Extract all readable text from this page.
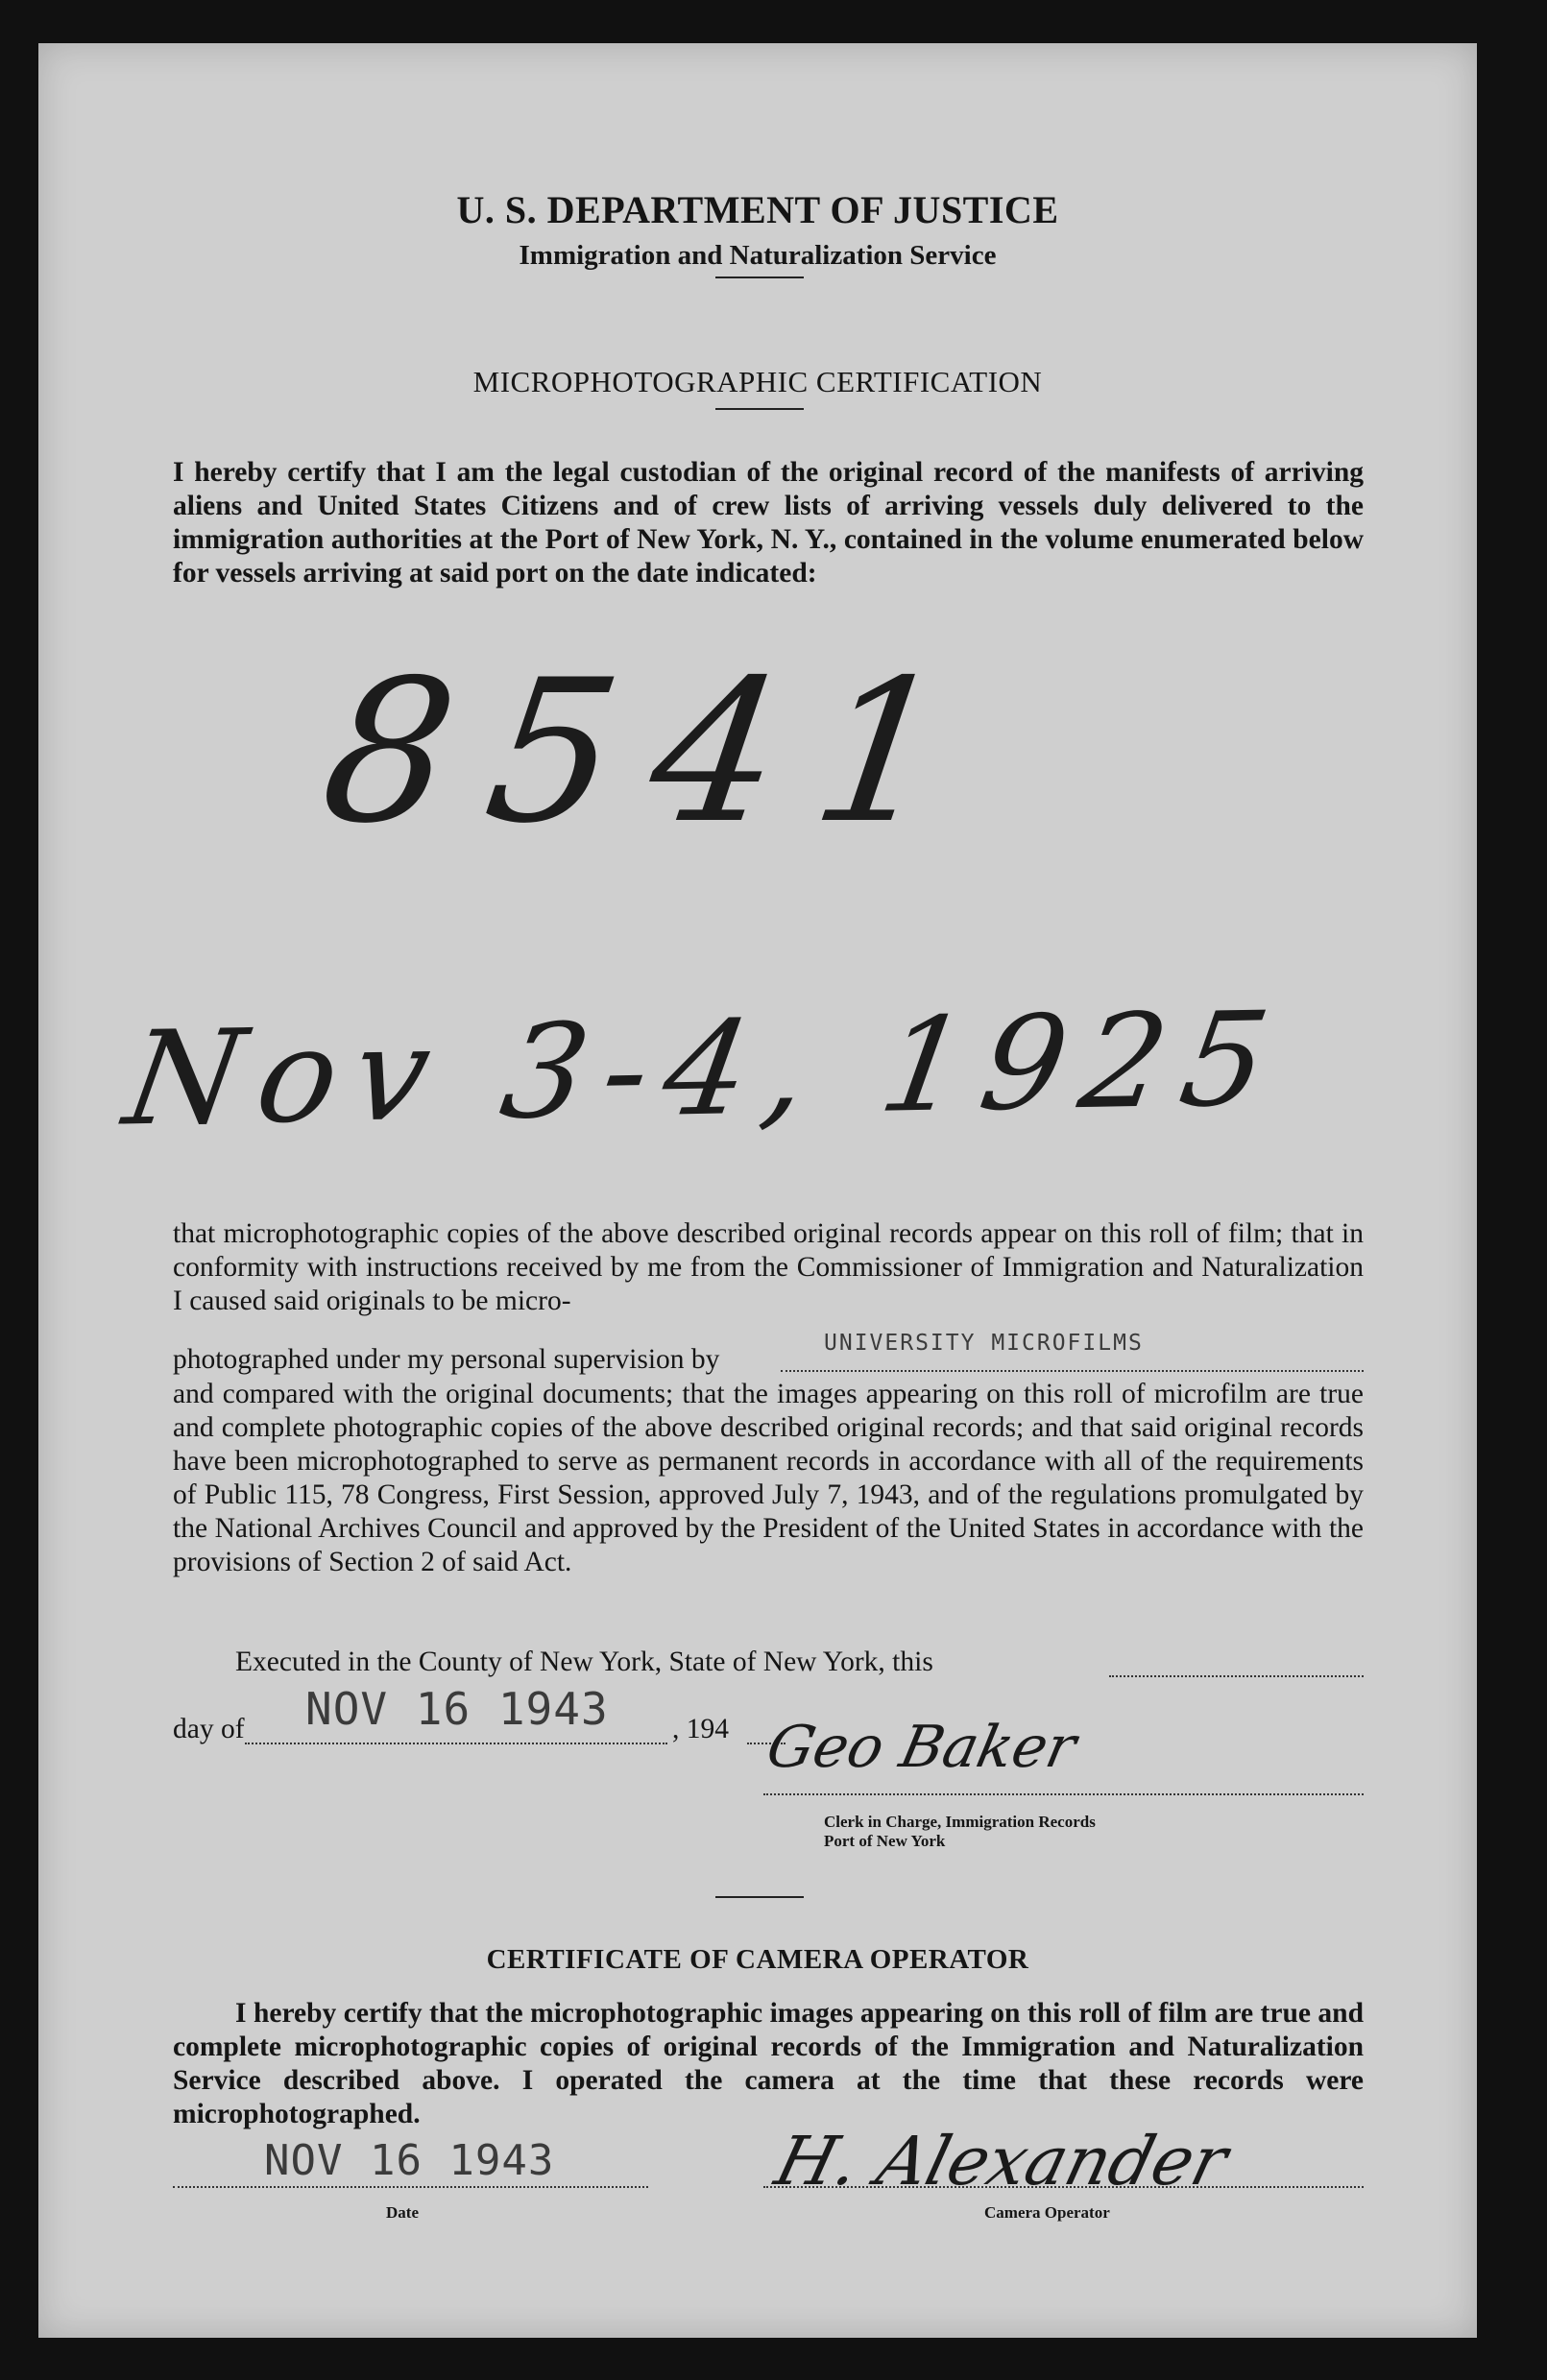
U. S. DEPARTMENT OF JUSTICE
Immigration and Naturalization Service
MICROPHOTOGRAPHIC CERTIFICATION
I hereby certify that I am the legal custodian of the original record of the manifests of arriving aliens and United States Citizens and of crew lists of arriving vessels duly delivered to the immigration authorities at the Port of New York, N. Y., contained in the volume enumerated below for vessels arriving at said port on the date indicated:
8541
Nov 3-4, 1925
that microphotographic copies of the above described original records appear on this roll of film; that in conformity with instructions received by me from the Commissioner of Immigration and Naturalization I caused said originals to be micro-
photographed under my personal supervision by
UNIVERSITY MICROFILMS
and compared with the original documents; that the images appearing on this roll of microfilm are true and complete photographic copies of the above described original records; and that said original records have been microphotographed to serve as permanent records in accordance with all of the requirements of Public 115, 78 Congress, First Session, approved July 7, 1943, and of the regulations promulgated by the National Archives Council and approved by the President of the United States in accordance with the provisions of Section 2 of said Act.
Executed in the County of New York, State of New York, this
day of NOV 16 1943 , 194 Geo Baker
Clerk in Charge, Immigration Records
Port of New York
CERTIFICATE OF CAMERA OPERATOR
I hereby certify that the microphotographic images appearing on this roll of film are true and complete microphotographic copies of original records of the Immigration and Naturalization Service described above. I operated the camera at the time that these records were microphotographed.
NOV 16 1943
Date
H. Alexander
Camera Operator
